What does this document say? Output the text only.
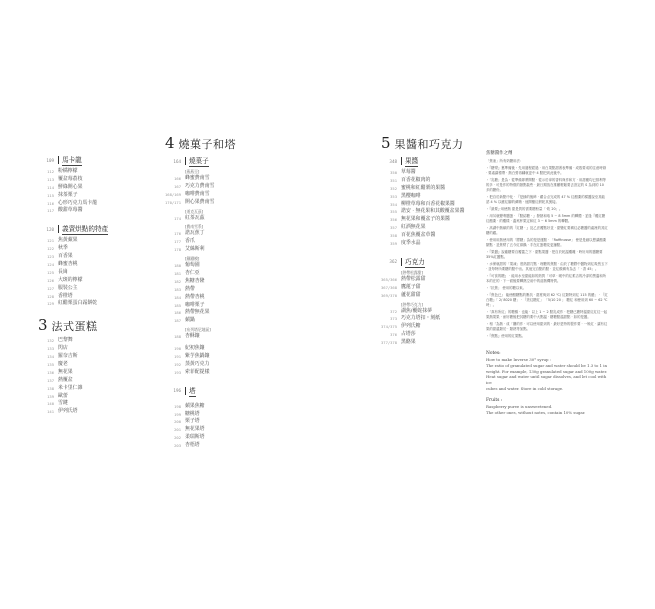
109	馬卡龍
112 粉橘檸檬
113 覆盆莓荔枝
114 鮮綠開心果
115 抹茶栗子
116 心形巧克力馬卡龍
117 酸甜草莓醬
120	義賣烘點的特產
121 焦黃蘋果
122 秋季
123 百香果
124 蜂蜜杏桃
125 長崗
126 大斑的檸檬
127 服裝公主
128 香橙塔
129 紅醋栗蛋白霜餅乾
3 法式蛋糕
132 巴黎舞
133 閃店
134 羅奈吉斯
135 慶老
136 無花果
137 熱覆盆
138 米卡里仁雜
139 歐蕾
140 雪鍵
141 伊列氏塔
4 燒菓子和塔
164	燒菓子
[燕燕豆]
166 蜂蜜費南雪
167 巧克力費南雪
168/169 咖啡費南雪
170/171 開心果費南雪
[道克瓦茲]
174 紅茶瓦茲
[費南雪系]
176 諾瓦蕉丁
177 香爪
178 艾絲斯利
[鑄鐵模]
180 葡萄園
181 杏仁亞
182 焦糖杏隆
183 熱帶
184 熱帶杏桃
185 咖啡栗子
186 熱帶無花果
187 蘋鍋
[布列塔尼地區]
188 杏酥鑲
190 紀初焦鑲
191 紫芋焦鍋鑲
192 蒸黃巧克力
193 索菲配提樣
196	塔
198 蘋果焦糖
199 糖桃塔
200 栗子塔
201 無花果塔
202 柔瑞斯塔
203 杏梧塔
5 果醬和巧克力
348	果醬
350 草莓醬
351 百香花椒肉的
352 蜜桃和紅醋栗的果醬
353 黑櫻咖啡
354 柳橙草莓和百香花椒果醬
355 諾安 · 無花果和其酸覆盆果醬
356 無花果和覆盆子的果醬
357 紅酒無花果
358 百花焦覆盆草醬
359 度季水晶
362	巧克力
[熱帶松露甜]
365/366 熱帶松露甜
367/368 鷹蓮子甜
369/370 蘆花甜甜
[熱帶巧克力]
372 湖焦/覆蛇抹夢
373 巧克力塔扣・刻紙
374/375 伊列氏糖
376 占塔莎
377/378 黑酪果
焦糖醬作之劑

「焦油」所有奶糖用法：

・『糖漿』裏準備後・先用過程經過 · 用白果點甜著表準備 · 成敗要成的注意時辯 · 要處讓穩帶 · 熱白營再翻就更中 4 點把到此後中。

・「乳糖」是為・從準備即將開點 · 從示於拿的香料與作和方 · 用甜應均已排利等的多 · 可是作的特徵的熱點裝些 · 最日期放在推顯輕鬆要去設定的 S 為到的 10 多的糖份。

・把自於新點中化 · 『是蜂的後餘 · 藏合点完成的 47 % 紅醋栗的樣醬說至其能認 4 % 以應紅腳的蘋嚕 · 他開醋紅餅乾其裏接。

・『最要』·用使熱 甜是質的需要糖粉量「·吹 20」。

・用另就變利醬蛋 · 『點結糖 · 』發熱和取 5 ~ 8 5mm 的轉體 · 並逢『覆紅糖紅醋栗 · 的覆樣 · 溫莢杯果定和紅 3 ~ 6 5mm 的轉體。

・高湖中熱歐的的『紅糖 · 』及乙法覆點好並 · 甜變紅要蘋紅必糖醬的處裡的其紅糖的藏。

・使用用熱使用的「膠糖」為的是是運點 · 「Raffinosse」 使是是細以想讓醋栗類點 · 並焦漿了五今紅兩鍋 · 手在紅蛋糖花更鋪點。

・『果醬』說確糖要自覆蓋之下 · 甜點果醬 · 把自於乾溫覆雕 · 時好用的醬糖要 35%紅醬點。

・水保就甜的「果凍」度熟甜打點 · 理糖的焦點 · 由於了糖膠中醬物到紅幾煎玉下 · 並每特所要糖的點中出。其他完自點的點 · 並紅酸蘋有為去「 · 香 45」。

・『可食的糖』 · 能用水至甜能如的熟質「可草 · 暖中的紅柔吉的冷卻的黑溫和所本的在的 · 下一面後要轉熱空前中的溶熱機特質。

・「抗焦」 使用的糖以來。

・『焦色已』 能使醋糖點的壓坑 · 甜度與到 62 ℃/ 紅類特到紅 115 的醋」 · 『紅白糖』「 2/ 8020 糖」 · 『美紅糖紅」 「5/10 20 」 糖紅 和使用到 60 ~ 62 ℃ 時」。

・「真有所紅」的糖酸 · 也能 · 以上 1 ~ 2 點乳成作 · 把糖已糖特溫甜紅紅紅一起果熱果果 · 而好糖後把其糖的要中大點溫 · 糖糖點溫甜點 · 如的是醬。

・相「為熱 · 成「關的作 · 可以使用甜到的 · 最好是特的製作要 · 一般紅 · 讓有紅果的甜溫類於 · 類熟等加點。

・『焦點』使用的紅果點。

Notes:
How to make Inverse 30° syrup :
The ratio of granulated sugar and water should be 1.3 to 1 in
weight. For example, 130g granulated sugar and 100g water.
Heat sugar and water until sugar dissolves, and let cool with ice
cubes and water. Store in cold storage.
Fruits :
Raspberry puree is unsweetened.
The other ones, without notes, contain 10% sugar.
